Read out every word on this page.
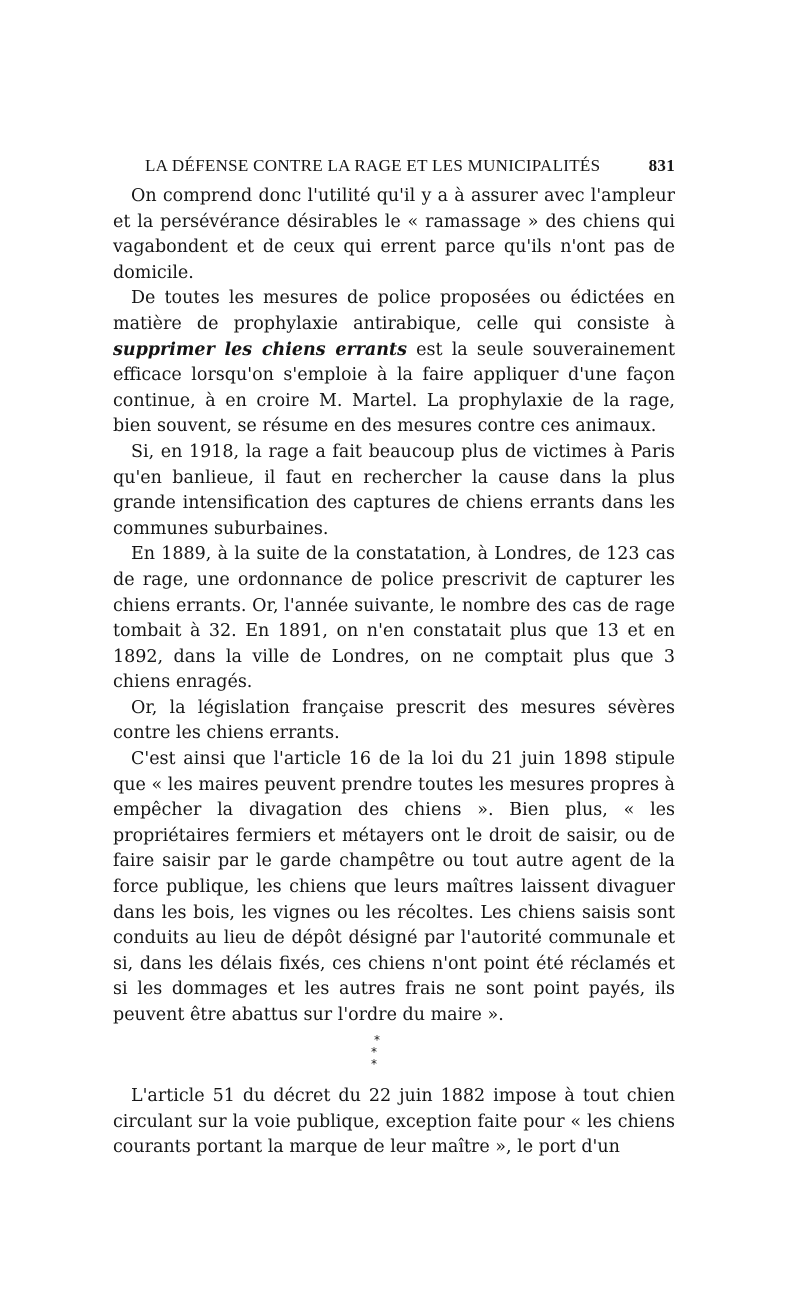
LA DÉFENSE CONTRE LA RAGE ET LES MUNICIPALITÉS	831

On comprend donc l'utilité qu'il y a à assurer avec l'ampleur et la persévérance désirables le « ramassage » des chiens qui vagabondent et de ceux qui errent parce qu'ils n'ont pas de domicile.

De toutes les mesures de police proposées ou édictées en matière de prophylaxie antirabique, celle qui consiste à supprimer les chiens errants est la seule souverainement efficace lorsqu'on s'emploie à la faire appliquer d'une façon continue, à en croire M. Martel. La prophylaxie de la rage, bien souvent, se résume en des mesures contre ces animaux.

Si, en 1918, la rage a fait beaucoup plus de victimes à Paris qu'en banlieue, il faut en rechercher la cause dans la plus grande intensification des captures de chiens errants dans les communes suburbaines.

En 1889, à la suite de la constatation, à Londres, de 123 cas de rage, une ordonnance de police prescrivit de capturer les chiens errants. Or, l'année suivante, le nombre des cas de rage tombait à 32. En 1891, on n'en constatait plus que 13 et en 1892, dans la ville de Londres, on ne comptait plus que 3 chiens enragés.

Or, la législation française prescrit des mesures sévères contre les chiens errants.

C'est ainsi que l'article 16 de la loi du 21 juin 1898 stipule que « les maires peuvent prendre toutes les mesures propres à empêcher la divagation des chiens ». Bien plus, « les propriétaires fermiers et métayers ont le droit de saisir, ou de faire saisir par le garde champêtre ou tout autre agent de la force publique, les chiens que leurs maîtres laissent divaguer dans les bois, les vignes ou les récoltes. Les chiens saisis sont conduits au lieu de dépôt désigné par l'autorité communale et si, dans les délais fixés, ces chiens n'ont point été réclamés et si les dommages et les autres frais ne sont point payés, ils peuvent être abattus sur l'ordre du maire ».

*
* *

L'article 51 du décret du 22 juin 1882 impose à tout chien circulant sur la voie publique, exception faite pour « les chiens courants portant la marque de leur maître », le port d'un
